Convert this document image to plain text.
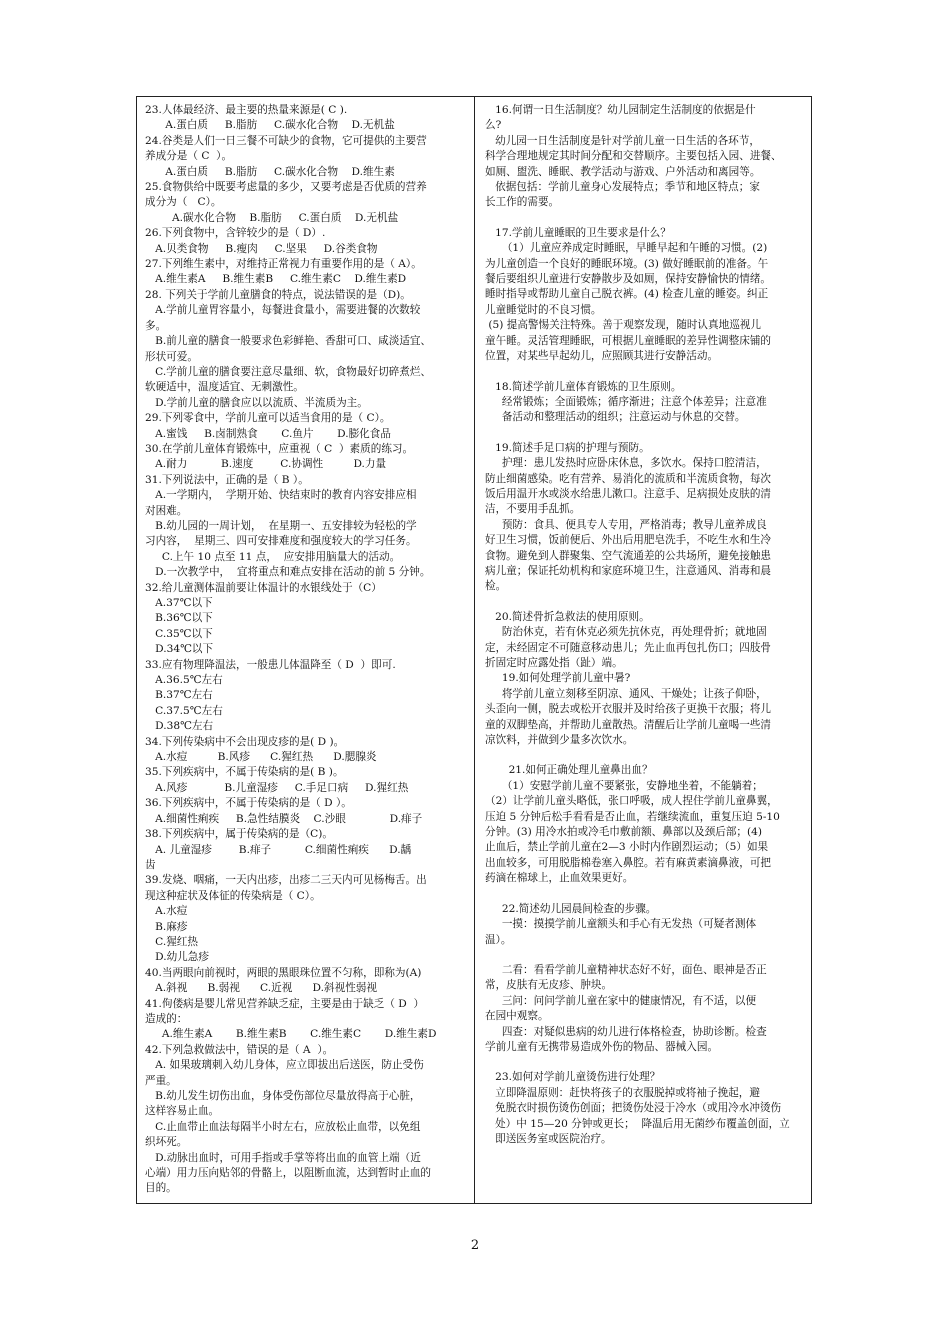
23.人体最经济、最主要的热量来源是( C ).
A.蛋白质     B.脂肪     C.碳水化合物    D.无机盐
24.谷类是人们一日三餐不可缺少的食物，它可提供的主要营
养成分是（ C  ）。
A.蛋白质     B.脂肪     C.碳水化合物    D.维生素
25.食物供给中既要考虑量的多少，又要考虑是否优质的营养
成分为（   C）。
A.碳水化合物    B.脂肪     C.蛋白质    D.无机盐
26.下列食物中，含锌较少的是（ D）.
A.贝类食物     B.瘦肉     C.坚果     D.谷类食物
27.下列维生素中，对维持正常视力有重要作用的是（ A）。
A.维生素A     B.维生素B     C.维生素C    D.维生素D
28. 下列关于学前儿童膳食的特点，说法错误的是（D)。
A.学前儿童胃容量小，每餐进食量小，需要进餐的次数较
多。
B.前儿童的膳食一般要求色彩鲜艳、香甜可口、咸淡适宜、
形状可爱。
C.学前儿童的膳食要注意尽量细、软，食物最好切碎煮烂、
软硬适中，温度适宜、无刺激性。
D.学前儿童的膳食应以以流质、半流质为主。
29.下列零食中，学前儿童可以适当食用的是（ C）。
A.蜜饯     B.卤制熟食       C.鱼片       D.膨化食品
30.在学前儿童体育锻炼中，应重视（ C  ）素质的练习。
A.耐力          B.速度        C.协调性         D.力量
31.下列说法中，正确的是（ B ）。
A.一学期内，  学期开始、快结束时的教育内容安排应相
对困难。
B.幼儿园的一周计划，  在星期一、五安排较为轻松的学
习内容，  星期三、四可安排难度和强度较大的学习任务。
C.上午 10 点至 11 点，  应安排用脑量大的活动。
D.一次教学中，  宜将重点和难点安排在活动的前 5 分钟。
32.给儿童测体温前要让体温计的水银线处于（C）
A.37℃以下
B.36℃以下
C.35℃以下
D.34℃以下
33.应有物理降温法，一般患儿体温降至（ D  ）即可.
A.36.5℃左右
B.37℃左右
C.37.5℃左右
D.38℃左右
34.下列传染病中不会出现皮疹的是( D )。
A.水痘         B.风疹      C.猩红热      D.腮腺炎
35.下列疾病中，不属于传染病的是( B )。
A.风疹           B.儿童湿疹     C.手足口病     D.猩红热
36.下列疾病中，不属于传染病的是（ D ）。
A.细菌性痢疾     B.急性结膜炎    C.沙眼             D.痱子
38.下列疾病中，属于传染病的是（C)。
A. 儿童湿疹        B.痱子          C.细菌性痢疾      D.龋
齿
39.发烧、咽痛，一天内出疹，出疹二三天内可见杨梅舌。出
现这种症状及体征的传染病是（ C）。
A.水痘
B.麻疹
C.猩红热
D.幼儿急疹
40.当两眼向前视时，两眼的黑眼珠位置不匀称，即称为(A)
A.斜视      B.弱视      C.近视      D.斜视性弱视
41.佝偻病是婴儿常见营养缺乏症，主要是由于缺乏（ D  ）
造成的：
A.维生素A       B.维生素B       C.维生素C       D.维生素D
42.下列急救做法中，错误的是（ A  ）。
A. 如果玻璃刺入幼儿身体，应立即拔出后送医，防止受伤
严重。
B.幼儿发生切伤出血，身体受伤部位尽量放得高于心脏，
这样容易止血。
C.止血带止血法每隔半小时左右，应放松止血带，以免组
织坏死。
D.动脉出血时，可用手指或手掌等将出血的血管上端（近
心端）用力压向贴邻的骨骼上，以阻断血流，达到暂时止血的
目的。
16.何谓一日生活制度？幼儿园制定生活制度的依据是什
么?
幼儿园一日生活制度是针对学前儿童一日生活的各环节，
科学合理地规定其时间分配和交替顺序。主要包括入园、进餐、
如厕、盥洗、睡眠、教学活动与游戏、户外活动和离园等。
依据包括：学前儿童身心发展特点；季节和地区特点；家
长工作的需要。
17.学前儿童睡眠的卫生要求是什么？
（1）儿童应养成定时睡眠，早睡早起和午睡的习惯。(2)
为儿童创造一个良好的睡眠环境。(3) 做好睡眠前的准备。午
餐后要组织儿童进行安静散步及如厕，保持安静愉快的情绪。
睡时指导或帮助儿童自己脱衣裤。(4) 检查儿童的睡姿。纠正
儿童睡觉时的不良习惯。
(5) 提高警惕关注特殊。善于观察发现，随时认真地巡视儿
童午睡。灵活管理睡眠，可根据儿童睡眠的差异性调整床铺的
位置，对某些早起幼儿，应照顾其进行安静活动。
18.简述学前儿童体育锻炼的卫生原则。
经常锻炼；全面锻炼；循序渐进；注意个体差异；注意准
备活动和整理活动的组织；注意运动与休息的交替。
19.简述手足口病的护理与预防。
护理：患儿发热时应卧床休息，多饮水。保持口腔清洁，
防止细菌感染。吃有营养、易消化的流质和半流质食物，每次
饭后用温开水或淡水给患儿漱口。注意手、足病损处皮肤的清
洁，不要用手乱抓。
预防：食具、便具专人专用，严格消毒；教导儿童养成良
好卫生习惯，饭前便后、外出后用肥皂洗手，不吃生水和生冷
食物。避免到人群聚集、空气流通差的公共场所，避免接触患
病儿童；保证托幼机构和家庭环境卫生，注意通风、消毒和晨
检。
20.简述骨折急救法的使用原则。
防治休克，若有休克必须先抗休克，再处理骨折；就地固
定，未经固定不可随意移动患儿；先止血再包扎伤口；四肢骨
折固定时应露处指（趾）端。
19.如何处理学前儿童中暑?
将学前儿童立刻移至阴凉、通风、干燥处；让孩子仰卧，
头歪向一侧，脱去或松开衣服并及时给孩子更换干衣服；将儿
童的双脚垫高，并帮助儿童散热。清醒后让学前儿童喝一些清
凉饮料，并做到少量多次饮水。
21.如何正确处理儿童鼻出血？
（1）安慰学前儿童不要紧张，安静地坐着，不能躺着；
（2）让学前儿童头略低，张口呼吸，成人捏住学前儿童鼻翼，
压迫 5 分钟后松手看看是否止血，若继续流血，重复压迫 5-10
分钟。(3) 用冷水拍或冷毛巾敷前额、鼻部以及颈后部；(4)
止血后，禁止学前儿童在2—3 小时内作剧烈运动；（5）如果
出血较多，可用脱脂棉卷塞入鼻腔。若有麻黄素滴鼻液，可把
药滴在棉球上，止血效果更好。
22.简述幼儿园晨间检查的步骤。
一摸：摸摸学前儿童额头和手心有无发热（可疑者测体
温）。
二看：看看学前儿童精神状态好不好，面色、眼神是否正
常，皮肤有无皮疹、肿块。
三问：问问学前儿童在家中的健康情况，有不适，以便
在园中观察。
四查：对疑似患病的幼儿进行体格检查，协助诊断。检查
学前儿童有无携带易造成外伤的物品、器械入园。
23.如何对学前儿童烫伤进行处理？
立即降温原则：赶快将孩子的衣服脱掉或将袖子挽起，避
免脱衣时损伤烫伤创面；把烫伤处浸于冷水（或用冷水冲烫伤
处）中 15—20 分钟或更长；  降温后用无菌纱布覆盖创面，立
即送医务室或医院治疗。
2
